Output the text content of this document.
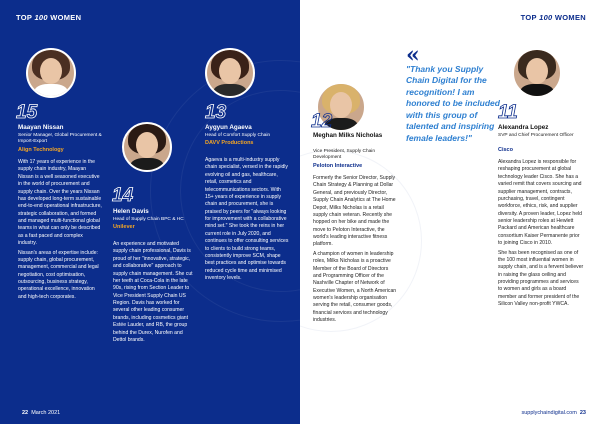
TOP 100 WOMEN
15
Maayan Nissan
Senior Manager, Global Procurement & Import-Export
Align Technology

With 17 years of experience in the supply chain industry, Maayan Nissan is a well seasoned executive in the world of procurement and supply chain. Over the years Nissan has developed long-term sustainable end-to-end operational infrastructure, strategic collaboration, and formed and managed multi-functional global teams in what can only be described as a fast paced and complex industry.

Nissan's areas of expertise include: supply chain, global procurement, management, commercial and legal negotiation, cost optimisation, outsourcing, business strategy, operational excellence, innovation and high-tech corporates.

14
Helen Davis
Head of Supply Chain BPC & HC
Unilever

An experience and motivated supply chain professional, Davis is proud of her "innovative, strategic, and collaborative" approach to supply chain management. She cut her teeth at Coca-Cola in the late 90s, rising from Section Leader to Vice President Supply Chain US Region. Davis has worked for several other leading consumer brands, including cosmetics giant Estée Lauder, and RB, the group behind the Durex, Nurofen and Dettol brands.

13
Aygyun Agaeva
Head of Comfort Supply Chain
DAVV Productions

Agaeva is a multi-industry supply chain specialist, versed in the rapidly evolving oil and gas, healthcare, retail, cosmetics and telecommunications sectors. With 15+ years of experience in supply chain and procurement, she is praised by peers for "always looking for improvement with a collaborative mind set." She took the reins in her current role in July 2020, and continues to offer consulting services to clients to build strong teams, consistently improve SCM, shape best practices and optimise towards reduced cycle time and minimised inventory levels.

22 March 2021
TOP 100 WOMEN
12
Meghan Milks Nicholas
Vice President, Supply Chain Development
Peloton Interactive

Formerly the Senior Director, Supply Chain Strategy & Planning at Dollar General, and previously Director, Supply Chain Analytics at The Home Depot, Milks Nicholas is a retail supply chain veteran. Recently she hopped on her bike and made the move to Peloton Interactive, the world's leading interactive fitness platform.

A champion of women in leadership roles, Milks Nicholas is a proactive Member of the Board of Directors and Programming Officer of the Nashville Chapter of Network of Executive Women, a North American women's leadership organisation serving the retail, consumer goods, financial services and technology industries.

«
"Thank you Supply Chain Digital for the recognition! I am honored to be included with this group of talented and inspiring female leaders!"
11
Alexandra Lopez
SVP and Chief Procurement Officer
Cisco

Alexandra Lopez is responsible for reshaping procurement at global technology leader Cisco. She has a varied remit that covers sourcing and supplier management, contracts, purchasing, travel, contingent workforce, ethics, risk, and supplier diversity. A proven leader, Lopez held senior leadership roles at Hewlett Packard and American healthcare consortium Kaiser Permanente prior to joining Cisco in 2010.

She has been recognised as one of the 100 most influential women in supply chain, and is a fervent believer in raising the glass ceiling and providing programmes and services to women and girls as a board member and former president of the Silicon Valley non-profit YWCA.

supplychaindigital.com 23
